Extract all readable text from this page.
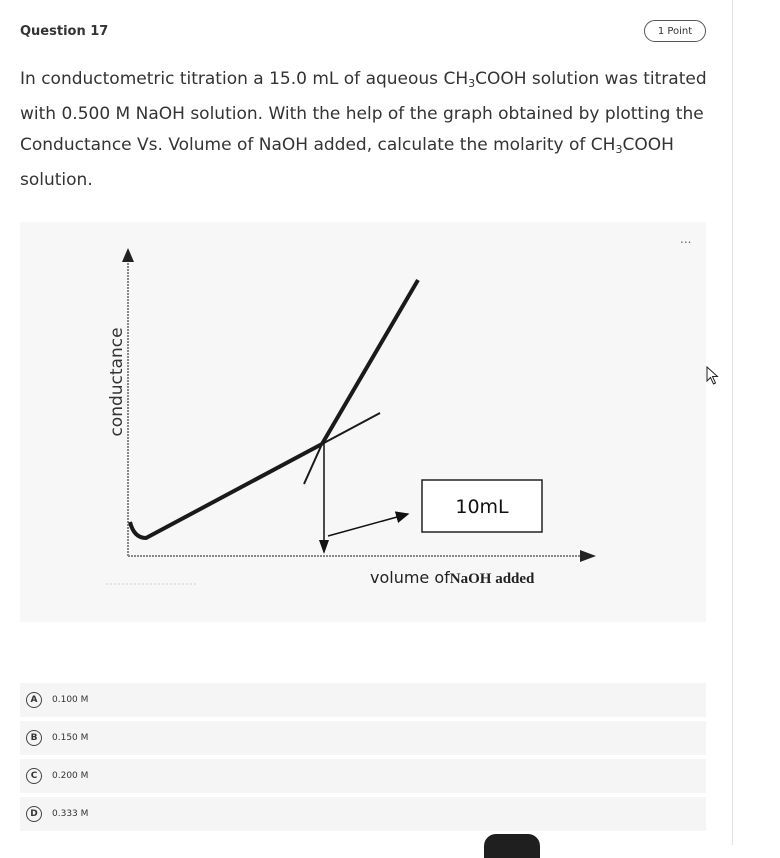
Question 17	1 Point
In conductometric titration a 15.0 mL of aqueous $CH_3COOH$ solution was titrated with 0.500 M NaOH solution. With the help of the graph obtained by plotting the Conductance Vs. Volume of NaOH added, calculate the molarity of $CH_3COOH$ solution.
10mL
conductance
volume ofNaOH added
...
A	0.100 M
B	0.150 M
C	0.200 M
D	0.333 M
